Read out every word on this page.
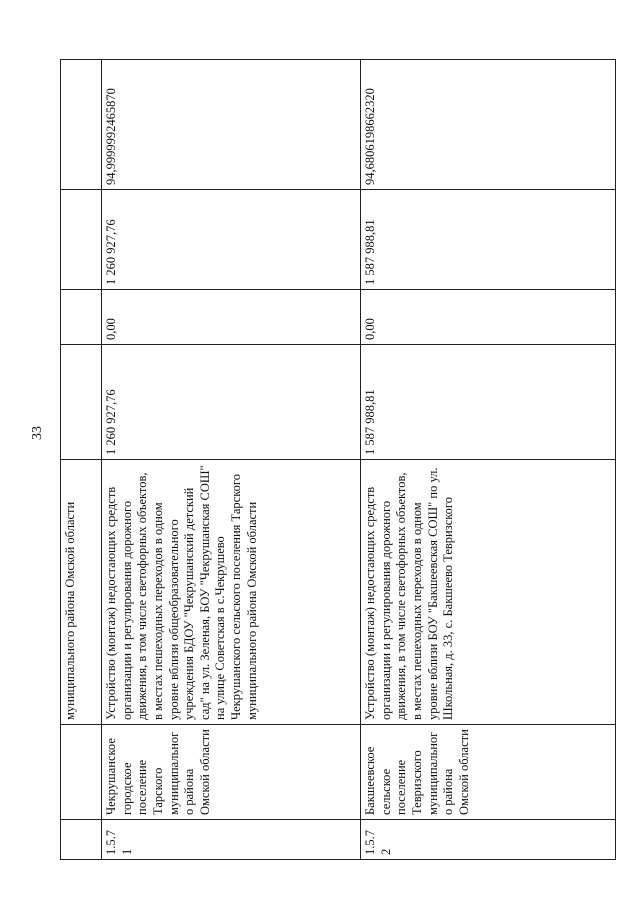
33
		муниципального района Омской области				
1.5.71	Чекрушанское городское поселение Тарского муниципального района Омской области	Устройство (монтаж) недостающих средств организации и регулирования дорожного движения, в том числе светофорных объектов, в местах пешеходных переходов в одном уровне вблизи общеобразовательного учреждения БДОУ "Чекрушанский детский сад" на ул. Зеленая, БОУ "Чекрушанская СОШ" на улице Советская в с.Чекрушево Чекрушанского сельского поселения Тарского муниципального района Омской области	1 260 927,76	0,00	1 260 927,76	94,9999992465870
1.5.72	Бакшеевское сельское поселение Тевризского муниципального района Омской области	Устройство (монтаж) недостающих средств организации и регулирования дорожного движения, в том числе светофорных объектов, в местах пешеходных переходов в одном уровне вблизи БОУ "Бакшеевская СОШ" по ул. Школьная, д. 33, с. Бакшеево Тевризского	1 587 988,81	0,00	1 587 988,81	94,6806198662320
